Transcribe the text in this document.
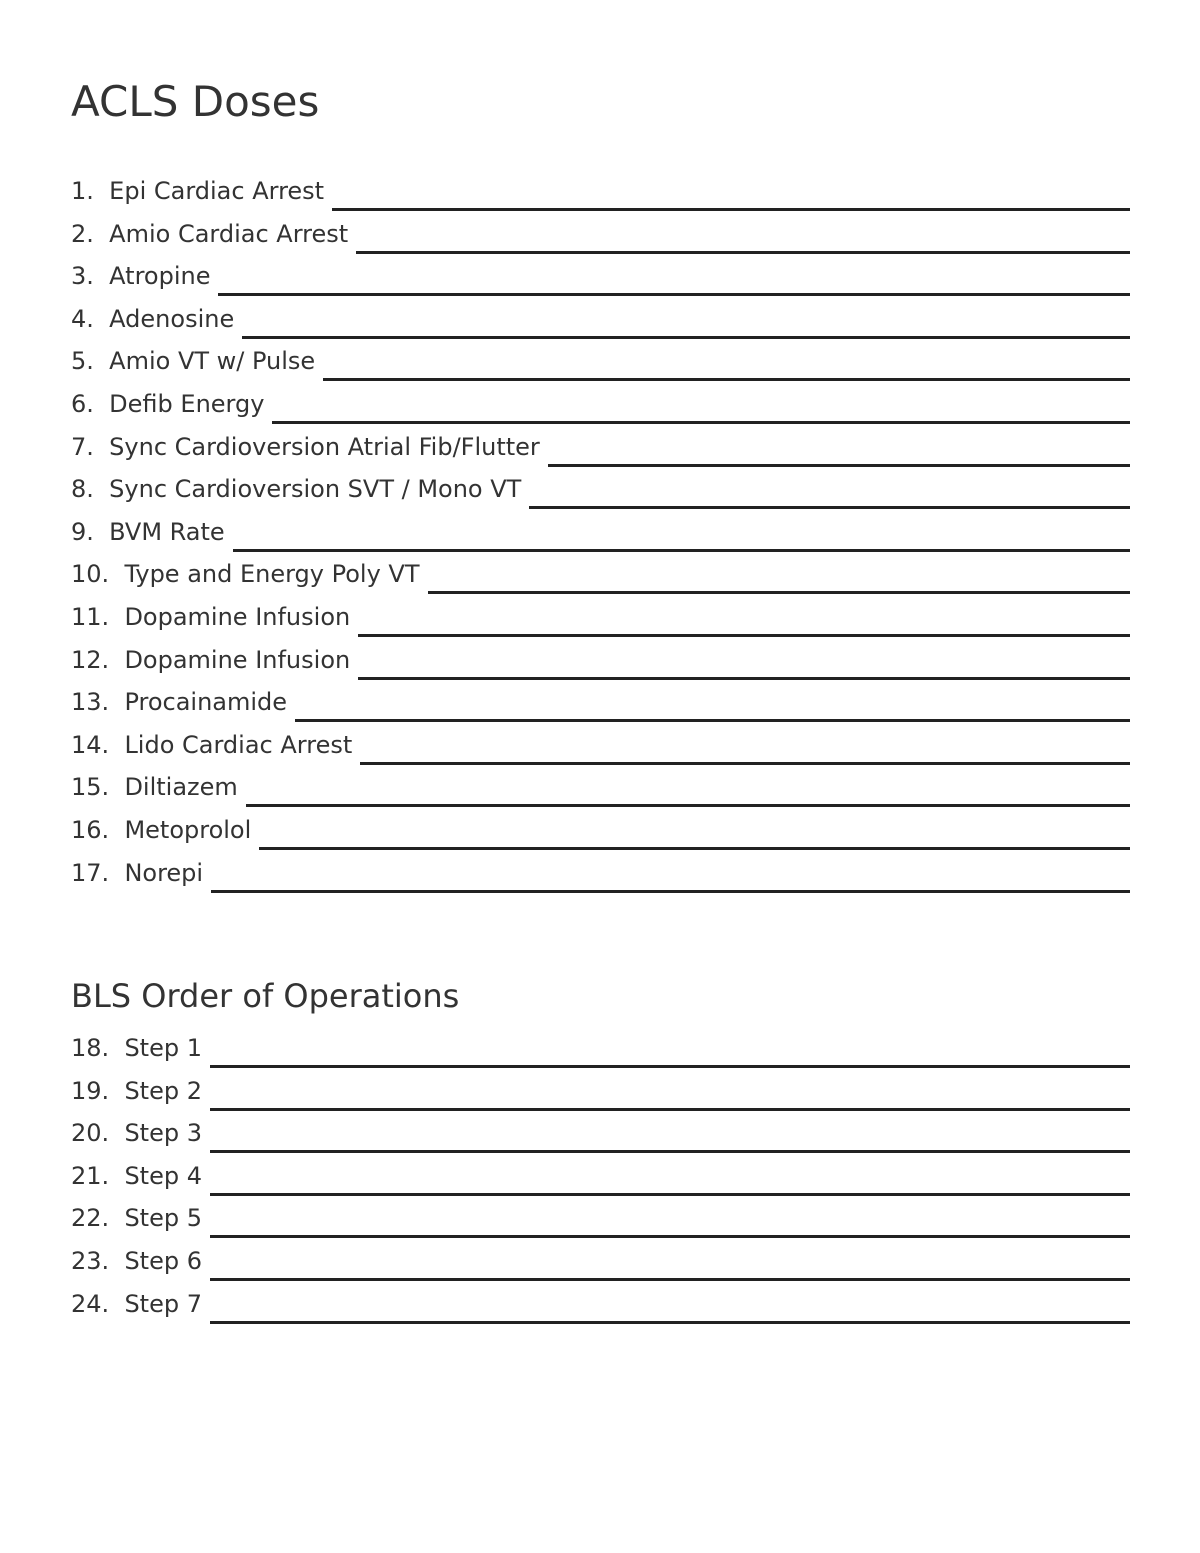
ACLS Doses
1. Epi Cardiac Arrest
2. Amio Cardiac Arrest
3. Atropine
4. Adenosine
5. Amio VT w/ Pulse
6. Defib Energy
7. Sync Cardioversion Atrial Fib/Flutter
8. Sync Cardioversion SVT / Mono VT
9. BVM Rate
10. Type and Energy Poly VT
11. Dopamine Infusion
12. Dopamine Infusion
13. Procainamide
14. Lido Cardiac Arrest
15. Diltiazem
16. Metoprolol
17. Norepi
BLS Order of Operations
18. Step 1
19. Step 2
20. Step 3
21. Step 4
22. Step 5
23. Step 6
24. Step 7
